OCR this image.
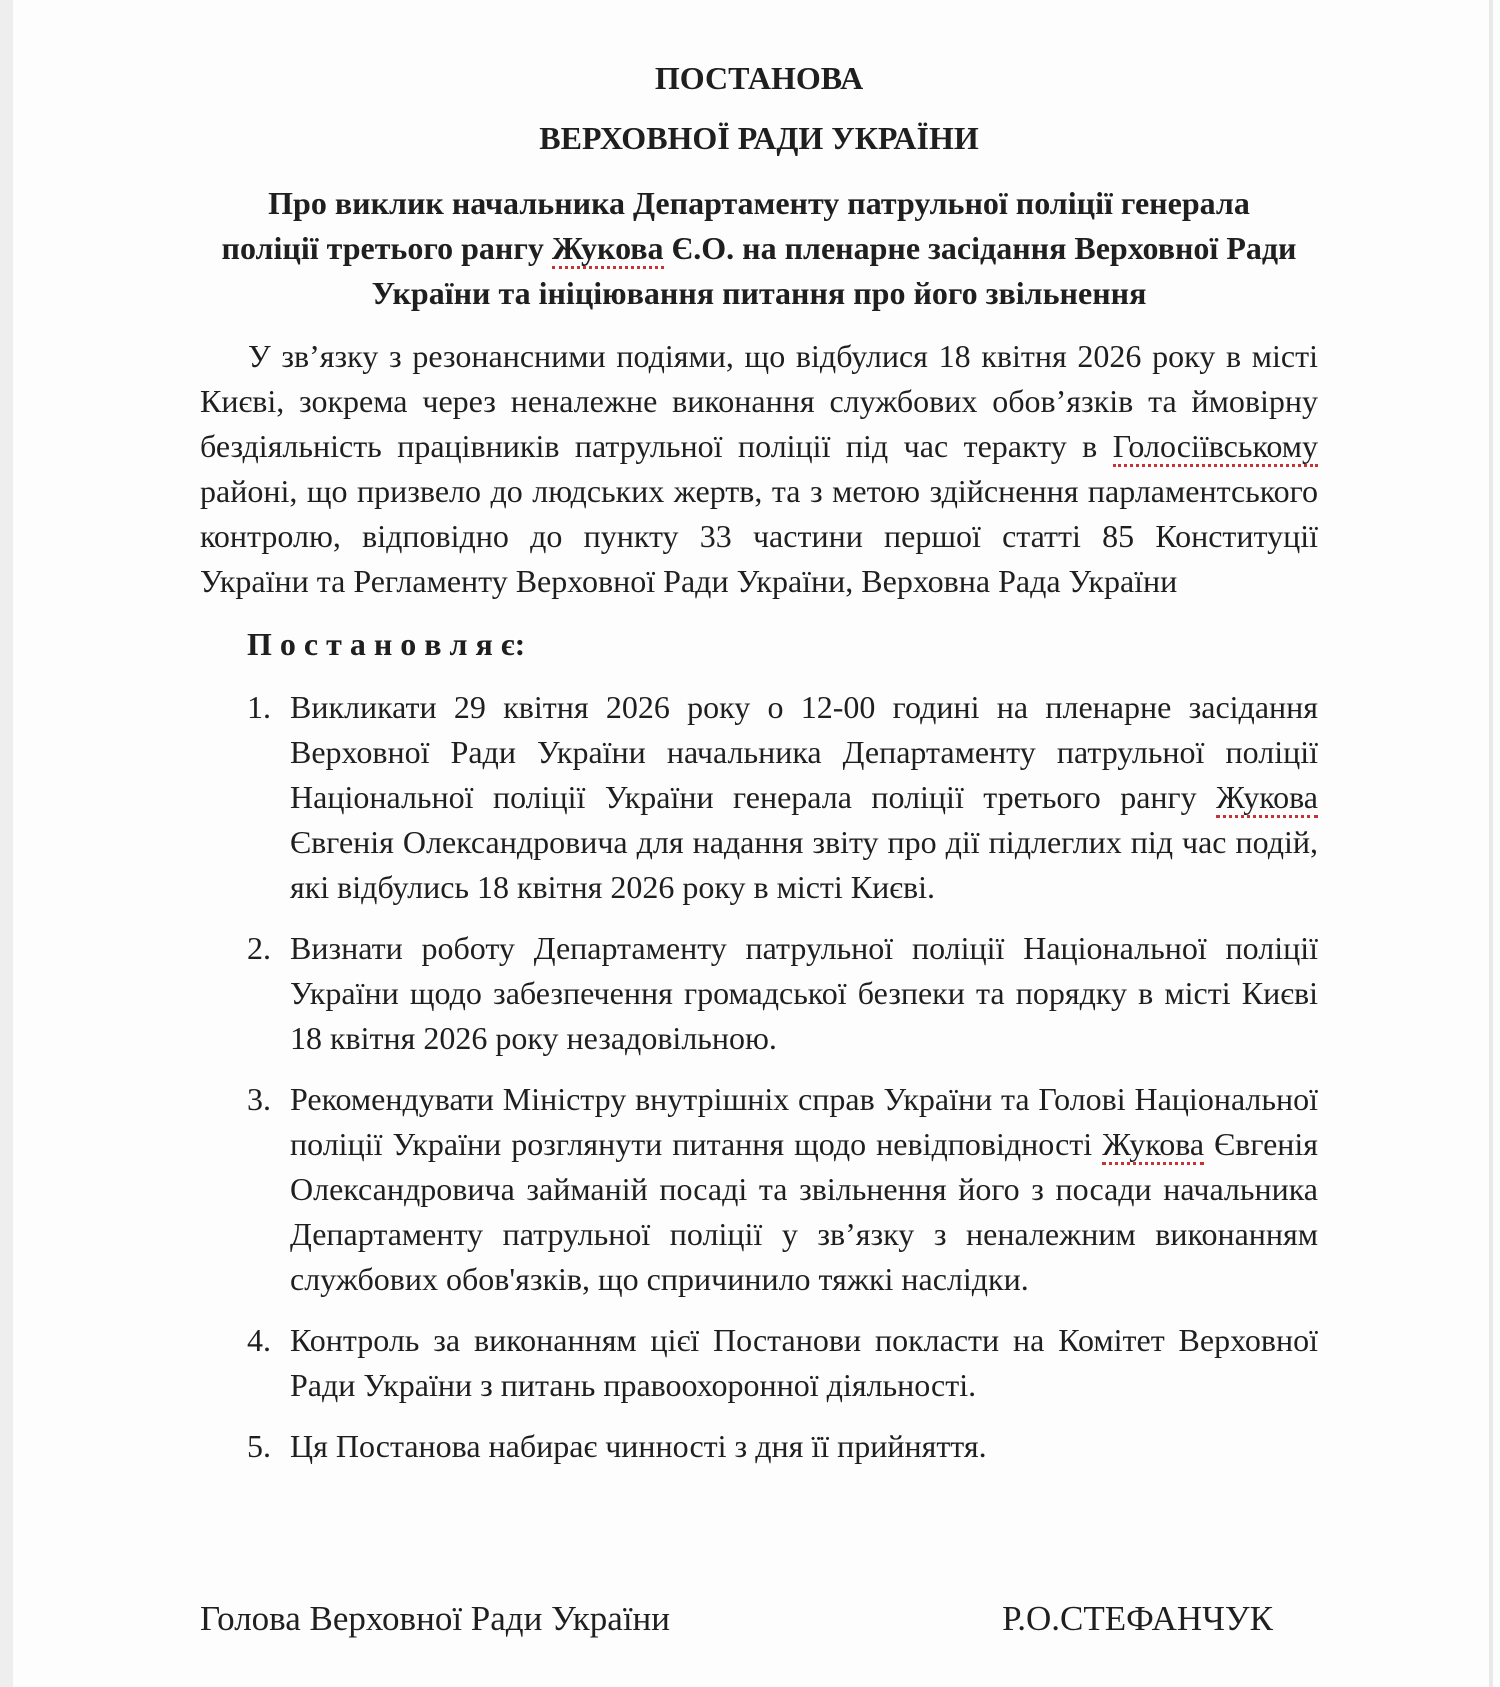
ПОСТАНОВА
ВЕРХОВНОЇ РАДИ УКРАЇНИ
Про виклик начальника Департаменту патрульної поліції генерала
поліції третього рангу Жукова Є.О. на пленарне засідання Верховної Ради
України та ініціювання питання про його звільнення
У зв’язку з резонансними подіями, що відбулися 18 квітня 2026 року в місті
Києві, зокрема через неналежне виконання службових обов’язків та ймовірну
бездіяльність працівників патрульної поліції під час теракту в Голосіївському
районі, що призвело до людських жертв, та з метою здійснення парламентського
контролю, відповідно до пункту 33 частини першої статті 85 Конституції
України та Регламенту Верховної Ради України, Верховна Рада України
П о с т а н о в л я є:
1. Викликати 29 квітня 2026 року о 12-00 годині на пленарне засідання
Верховної Ради України начальника Департаменту патрульної поліції
Національної поліції України генерала поліції третього рангу Жукова
Євгенія Олександровича для надання звіту про дії підлеглих під час подій,
які відбулись 18 квітня 2026 року в місті Києві.
2. Визнати роботу Департаменту патрульної поліції Національної поліції
України щодо забезпечення громадської безпеки та порядку в місті Києві
18 квітня 2026 року незадовільною.
3. Рекомендувати Міністру внутрішніх справ України та Голові Національної
поліції України розглянути питання щодо невідповідності Жукова Євгенія
Олександровича займаній посаді та звільнення його з посади начальника
Департаменту патрульної поліції у зв’язку з неналежним виконанням
службових обов'язків, що спричинило тяжкі наслідки.
4. Контроль за виконанням цієї Постанови покласти на Комітет Верховної
Ради України з питань правоохоронної діяльності.
5. Ця Постанова набирає чинності з дня її прийняття.
Голова Верховної Ради України	Р.О.СТЕФАНЧУК
